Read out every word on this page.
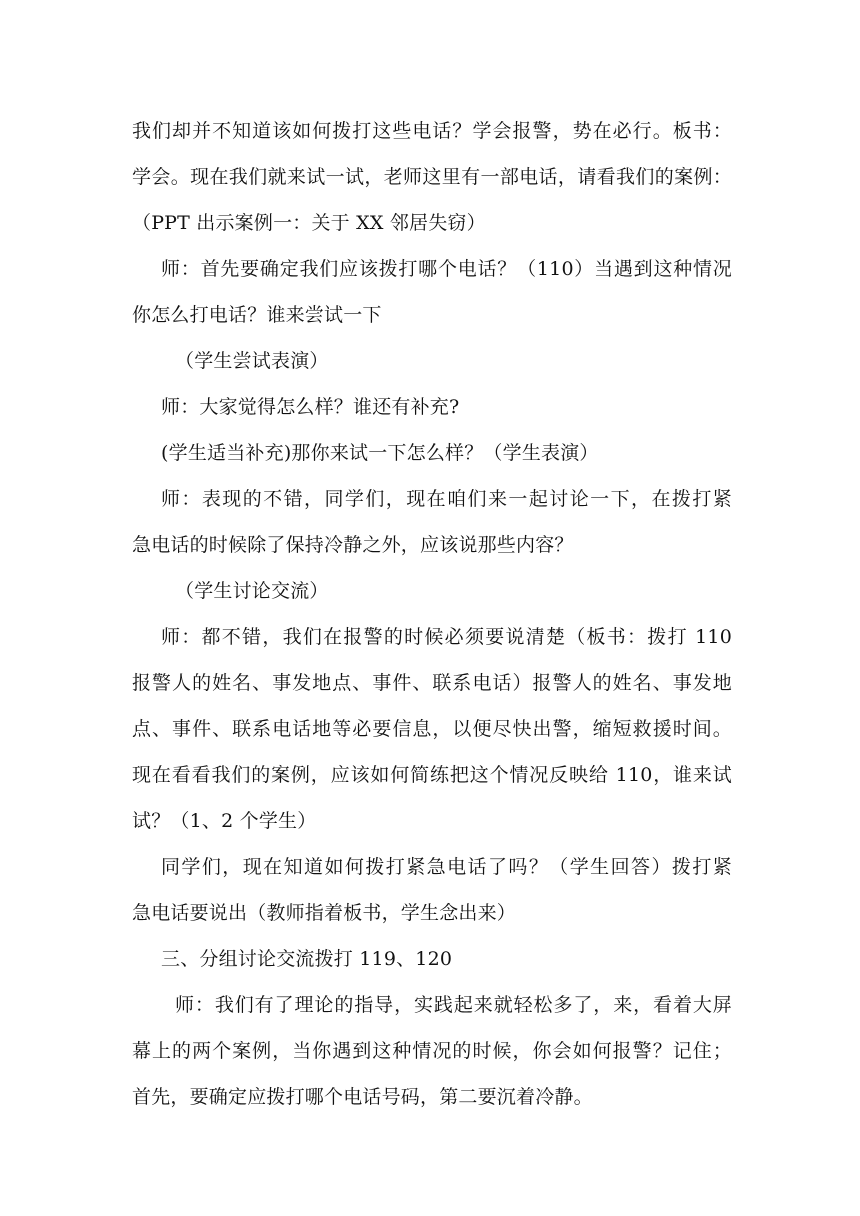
我们却并不知道该如何拨打这些电话？学会报警，势在必行。板书：
学会。现在我们就来试一试，老师这里有一部电话，请看我们的案例：
（PPT 出示案例一：关于 XX 邻居失窃）
师：首先要确定我们应该拨打哪个电话？（110）当遇到这种情况
你怎么打电话？谁来尝试一下
（学生尝试表演）
师：大家觉得怎么样？谁还有补充?
(学生适当补充)那你来试一下怎么样？（学生表演）
师：表现的不错，同学们，现在咱们来一起讨论一下，在拨打紧
急电话的时候除了保持冷静之外，应该说那些内容？
（学生讨论交流）
师：都不错，我们在报警的时候必须要说清楚（板书：拨打 110
报警人的姓名、事发地点、事件、联系电话）报警人的姓名、事发地
点、事件、联系电话地等必要信息，以便尽快出警，缩短救援时间。
现在看看我们的案例，应该如何简练把这个情况反映给 110，谁来试
试？（1、2 个学生）
同学们，现在知道如何拨打紧急电话了吗？（学生回答）拨打紧
急电话要说出（教师指着板书，学生念出来）
三、分组讨论交流拨打 119、120
师：我们有了理论的指导，实践起来就轻松多了，来，看着大屏
幕上的两个案例，当你遇到这种情况的时候，你会如何报警？记住；
首先，要确定应拨打哪个电话号码，第二要沉着冷静。
